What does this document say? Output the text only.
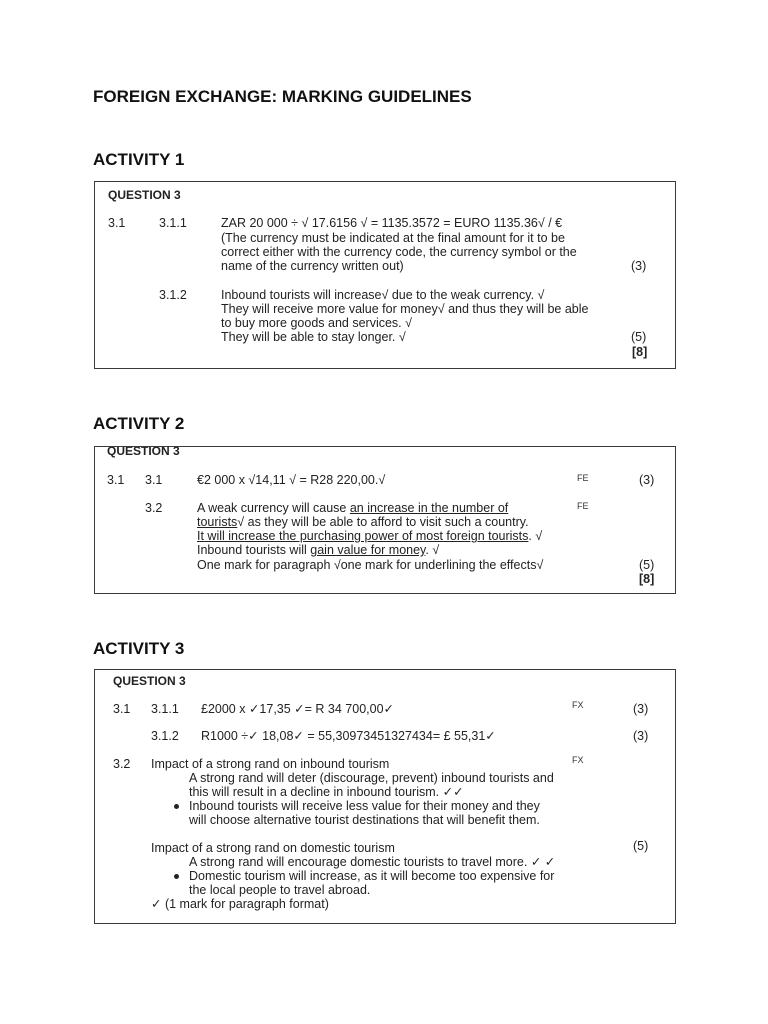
FOREIGN EXCHANGE: MARKING GUIDELINES
ACTIVITY 1
QUESTION 3
3.1	3.1.1	ZAR 20 000 ÷ √ 17.6156 √ = 1135.3572 = EURO 1135.36√ / €
(The currency must be indicated at the final amount for it to be
correct either with the currency code, the currency symbol or the
name of the currency written out)	(3)
3.1.2	Inbound tourists will increase√ due to the weak currency. √
They will receive more value for money√ and thus they will be able
to buy more goods and services. √
They will be able to stay longer. √	(5)
[8]
ACTIVITY 2
QUESTION 3
3.1 3.1	€2 000 x √14,11 √ = R28 220,00.√	FE	(3)
3.2	A weak currency will cause an increase in the number of	FE
tourists√ as they will be able to afford to visit such a country.
It will increase the purchasing power of most foreign tourists. √
Inbound tourists will gain value for money. √
One mark for paragraph √one mark for underlining the effects√	(5)
[8]
ACTIVITY 3
QUESTION 3
3.1 3.1.1 £2000 x ✓17,35 ✓= R 34 700,00✓	FX	(3)
3.1.2 R1000 ÷✓ 18,08✓ = 55,30973451327434= £ 55,31✓	(3)
3.2 Impact of a strong rand on inbound tourism	FX
A strong rand will deter (discourage, prevent) inbound tourists and
this will result in a decline in inbound tourism. ✓✓
Inbound tourists will receive less value for their money and they
will choose alternative tourist destinations that will benefit them.
Impact of a strong rand on domestic tourism	(5)
A strong rand will encourage domestic tourists to travel more. ✓ ✓
Domestic tourism will increase, as it will become too expensive for
the local people to travel abroad.
✓ (1 mark for paragraph format)
